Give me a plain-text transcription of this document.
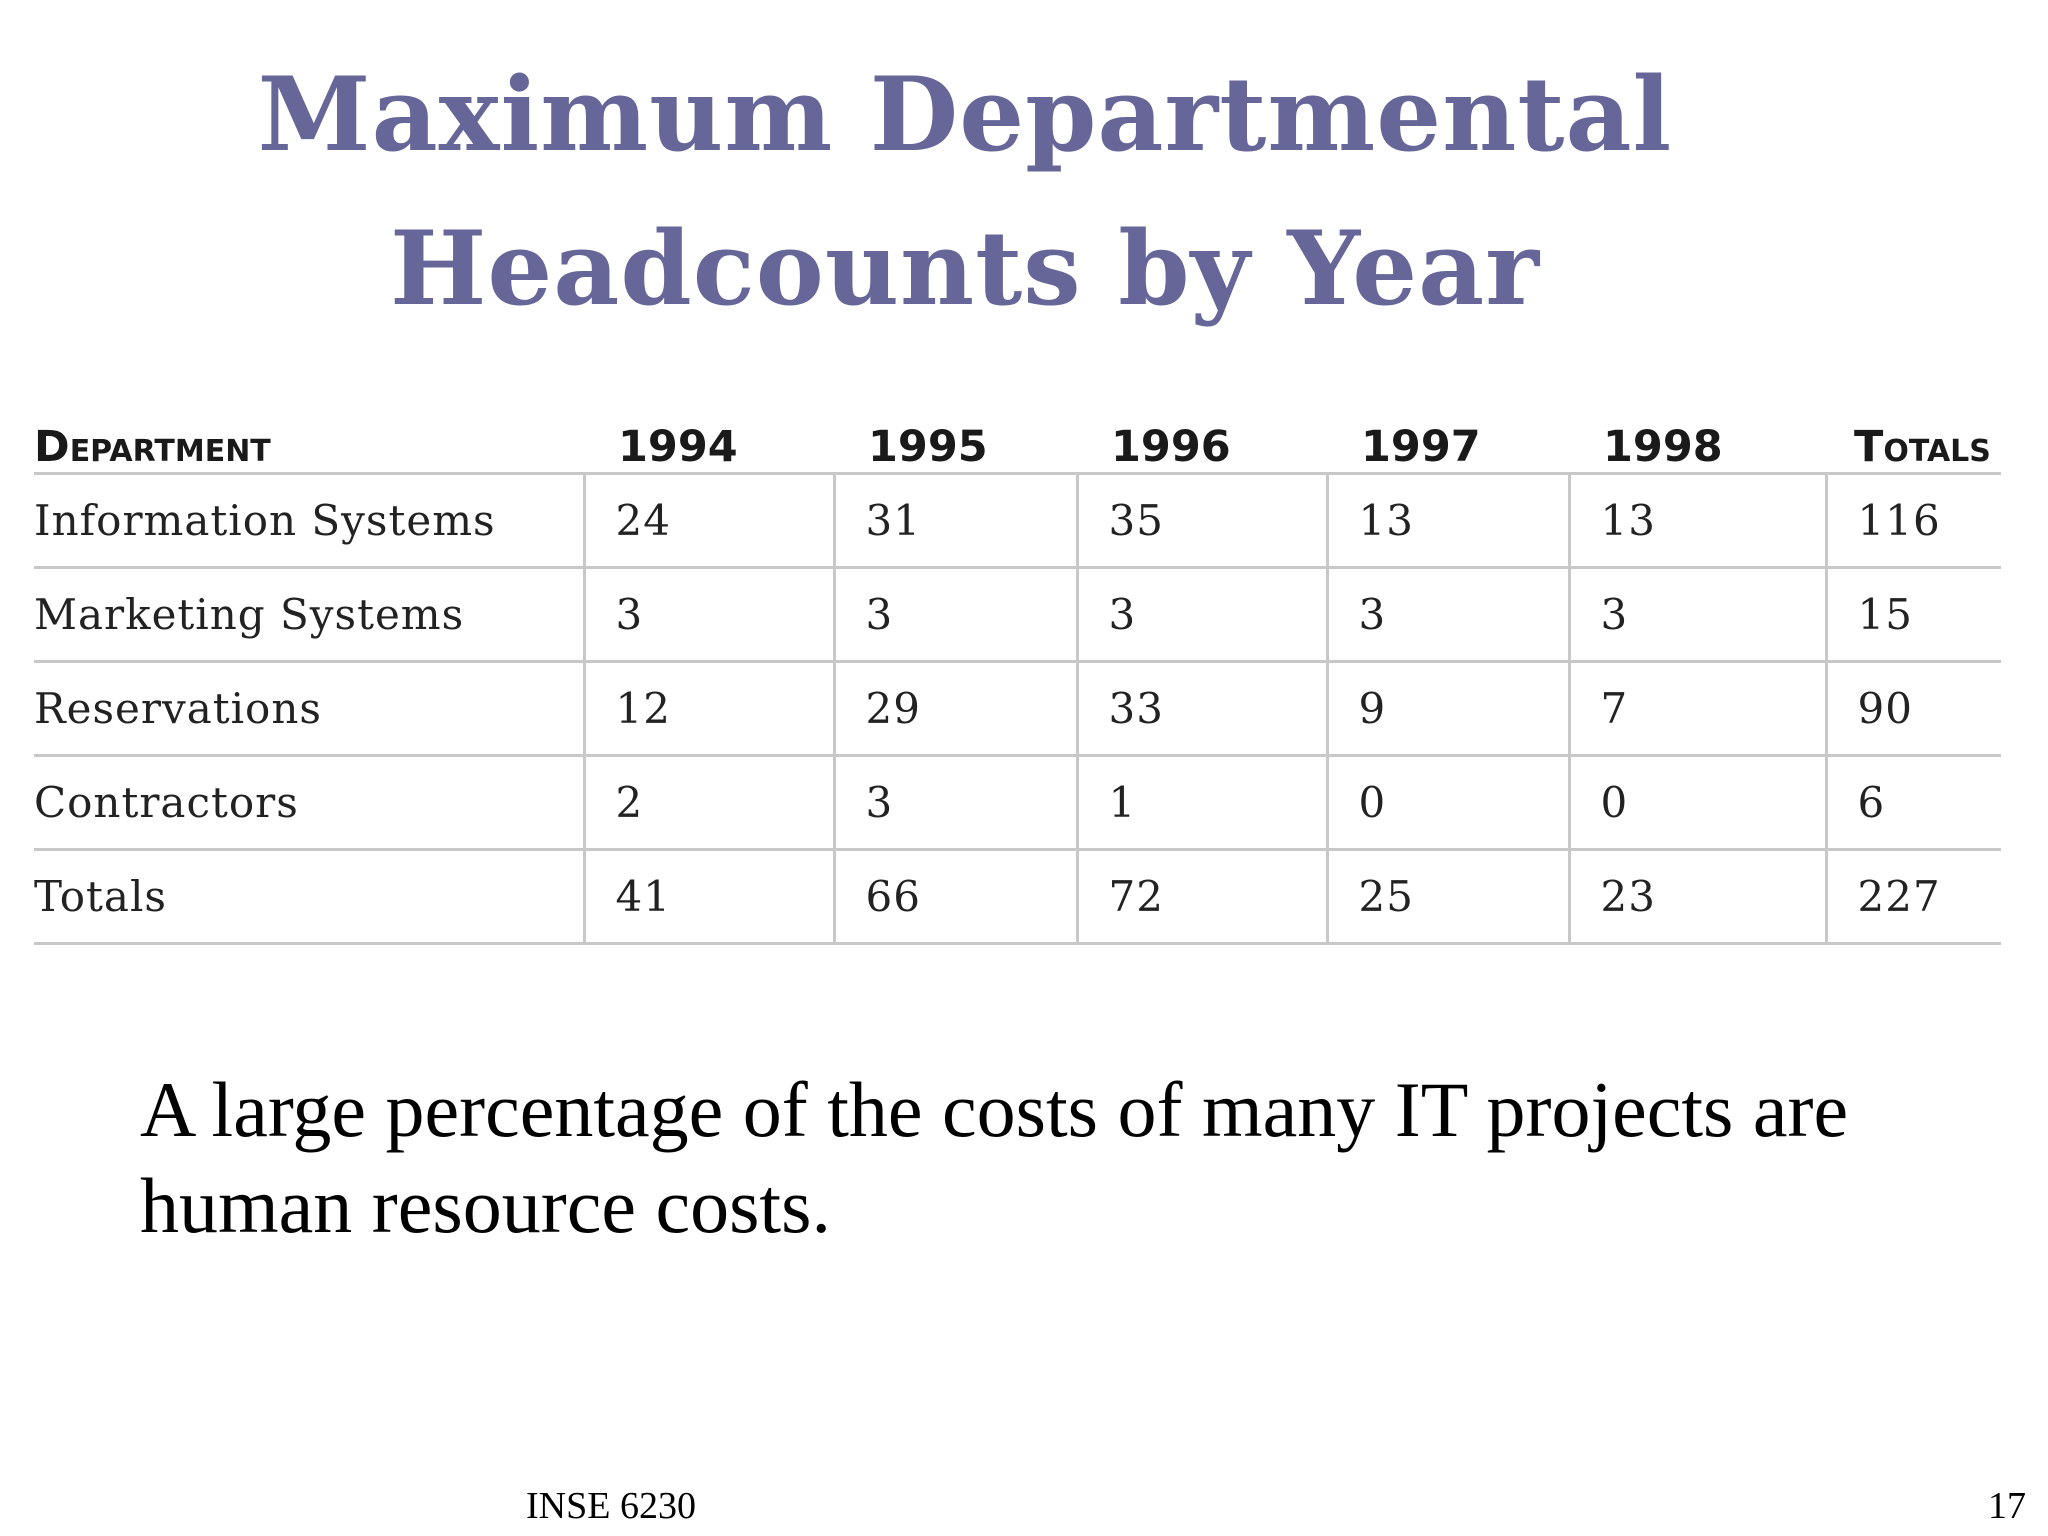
Maximum Departmental
Headcounts by Year
Department	1994	1995	1996	1997	1998	Totals
Information Systems	24	31	35	13	13	116
Marketing Systems	3	3	3	3	3	15
Reservations	12	29	33	9	7	90
Contractors	2	3	1	0	0	6
Totals	41	66	72	25	23	227
A large percentage of the costs of many IT projects are human resource costs.
INSE 6230	17
